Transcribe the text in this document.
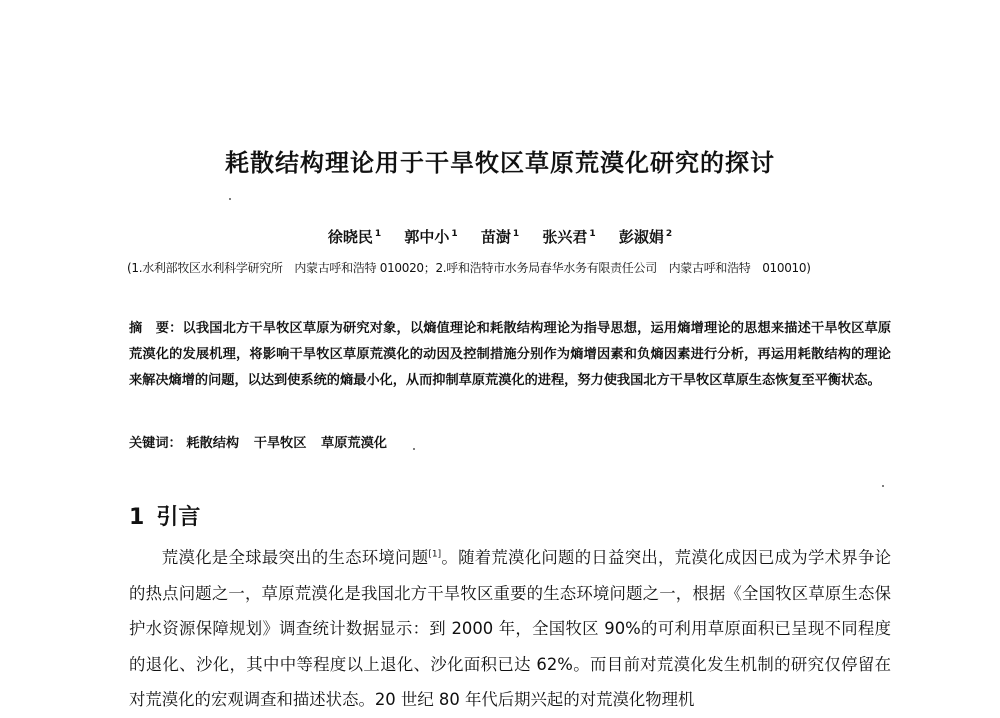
耗散结构理论用于干旱牧区草原荒漠化研究的探讨
徐晓民 $^1$ 郭中小 $^1$ 苗澍 $^1$ 张兴君 $^1$ 彭淑娟 $^2$
(1.水利部牧区水利科学研究所　内蒙古呼和浩特 010020；2.呼和浩特市水务局春华水务有限责任公司　内蒙古呼和浩特　010010)
摘　要：以我国北方干旱牧区草原为研究对象，以熵值理论和耗散结构理论为指导思想，运用熵增理论的思想来描述干旱牧区草原荒漠化的发展机理，将影响干旱牧区草原荒漠化的动因及控制措施分别作为熵增因素和负熵因素进行分析，再运用耗散结构的理论来解决熵增的问题，以达到使系统的熵最小化，从而抑制草原荒漠化的进程，努力使我国北方干旱牧区草原生态恢复至平衡状态。
关键词： 耗散结构 干旱牧区 草原荒漠化
1 引言
荒漠化是全球最突出的生态环境问题[1]。随着荒漠化问题的日益突出，荒漠化成因已成为学术界争论的热点问题之一，草原荒漠化是我国北方干旱牧区重要的生态环境问题之一，根据《全国牧区草原生态保护水资源保障规划》调查统计数据显示：到 2000 年，全国牧区 90%的可利用草原面积已呈现不同程度的退化、沙化，其中中等程度以上退化、沙化面积已达 62%。而目前对荒漠化发生机制的研究仅停留在对荒漠化的宏观调查和描述状态。20 世纪 80 年代后期兴起的对荒漠化物理机
